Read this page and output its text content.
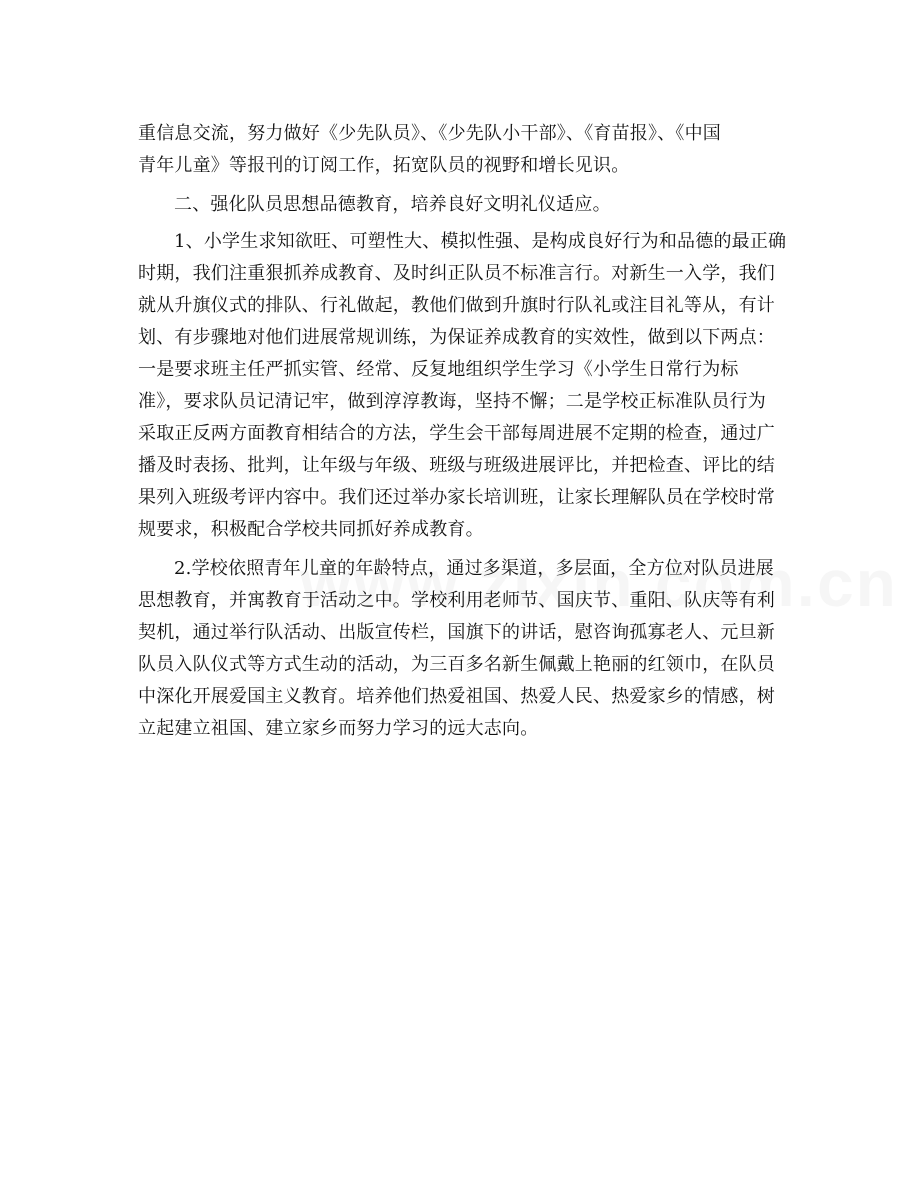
重信息交流，努力做好《少先队员》、《少先队小干部》、《育苗报》、《中国
青年儿童》等报刊的订阅工作，拓宽队员的视野和增长见识。
二、强化队员思想品德教育，培养良好文明礼仪适应。
1、小学生求知欲旺、可塑性大、模拟性强、是构成良好行为和品德的最正确
时期，我们注重狠抓养成教育、及时纠正队员不标准言行。对新生一入学，我们
就从升旗仪式的排队、行礼做起，教他们做到升旗时行队礼或注目礼等从，有计
划、有步骤地对他们进展常规训练，为保证养成教育的实效性，做到以下两点：
一是要求班主任严抓实管、经常、反复地组织学生学习《小学生日常行为标
准》，要求队员记清记牢，做到淳淳教诲，坚持不懈；二是学校正标准队员行为
采取正反两方面教育相结合的方法，学生会干部每周进展不定期的检查，通过广
播及时表扬、批判，让年级与年级、班级与班级进展评比，并把检查、评比的结
果列入班级考评内容中。我们还过举办家长培训班，让家长理解队员在学校时常
规要求，积极配合学校共同抓好养成教育。
2.学校依照青年儿童的年龄特点，通过多渠道，多层面，全方位对队员进展
思想教育，并寓教育于活动之中。学校利用老师节、国庆节、重阳、队庆等有利
契机，通过举行队活动、出版宣传栏，国旗下的讲话，慰咨询孤寡老人、元旦新
队员入队仪式等方式生动的活动，为三百多名新生佩戴上艳丽的红领巾，在队员
中深化开展爱国主义教育。培养他们热爱祖国、热爱人民、热爱家乡的情感，树
立起建立祖国、建立家乡而努力学习的远大志向。
